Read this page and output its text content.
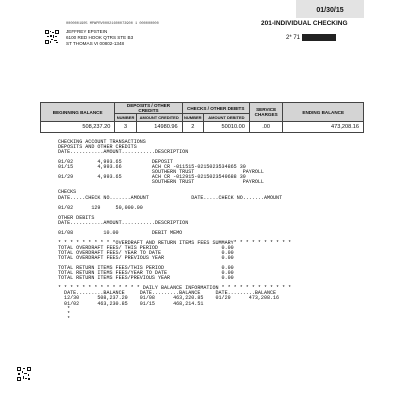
01/30/15
201-INDIVIDUAL CHECKING
2* 71
0000001905 MPWPRV00021600073900 1 000000000
JEFFREY EPSTEIN
6100 RED HOOK QTRS STE B3
ST THOMAS VI 00802-1348
BEGINNING BALANCE	DEPOSITS / OTHER CREDITS		CHECKS / OTHER DEBITS		SERVICE CHARGES	ENDING BALANCE
	NUMBER	AMOUNT CREDITED	NUMBER	AMOUNT DEBITED		
508,237.20	3	14980.96	2	50010.00	.00	473,208.16
CHECKING ACCOUNT TRANSACTIONS
DEPOSITS AND OTHER CREDITS
DATE...........AMOUNT...........DESCRIPTION

01/02        4,993.65          DEPOSIT
01/15        4,993.66          ACH CR -011515-0215023534865 30
SOUTHERN TRUST                PAYROLL
01/29        4,993.65          ACH CR -012915-0215023549688 39
SOUTHERN TRUST                PAYROLL

CHECKS
DATE.....CHECK NO.......AMOUNT              DATE.....CHECK NO.......AMOUNT

01/02      129     50,000.00

OTHER DEBITS
DATE...........AMOUNT...........DESCRIPTION

01/08          10.00           DEBIT MEMO

* * * * * * * * * *OVERDRAFT AND RETURN ITEMS FEES SUMMARY* * * * * * * * * *
TOTAL OVERDRAFT FEES/ THIS PERIOD                     0.00
TOTAL OVERDRAFT FEES/ YEAR TO DATE                    0.00
TOTAL OVERDRAFT FEES/ PREVIOUS YEAR                   0.00

TOTAL RETURN ITEMS FEES/THIS PERIOD                   0.00
TOTAL RETURN ITEMS FEES/YEAR TO DATE                  0.00
TOTAL RETURN ITEMS FEES/PREVIOUS YEAR                 0.00

* * * * * * * * * * * * * * DAILY BALANCE INFORMATION * * * * * * * * * * * *
DATE.........BALANCE     DATE.........BALANCE     DATE.........BALANCE
12/30      508,237.20    01/08      463,220.85    01/29      473,208.16
01/02      463,230.85    01/15      468,214.51
*
*
*
